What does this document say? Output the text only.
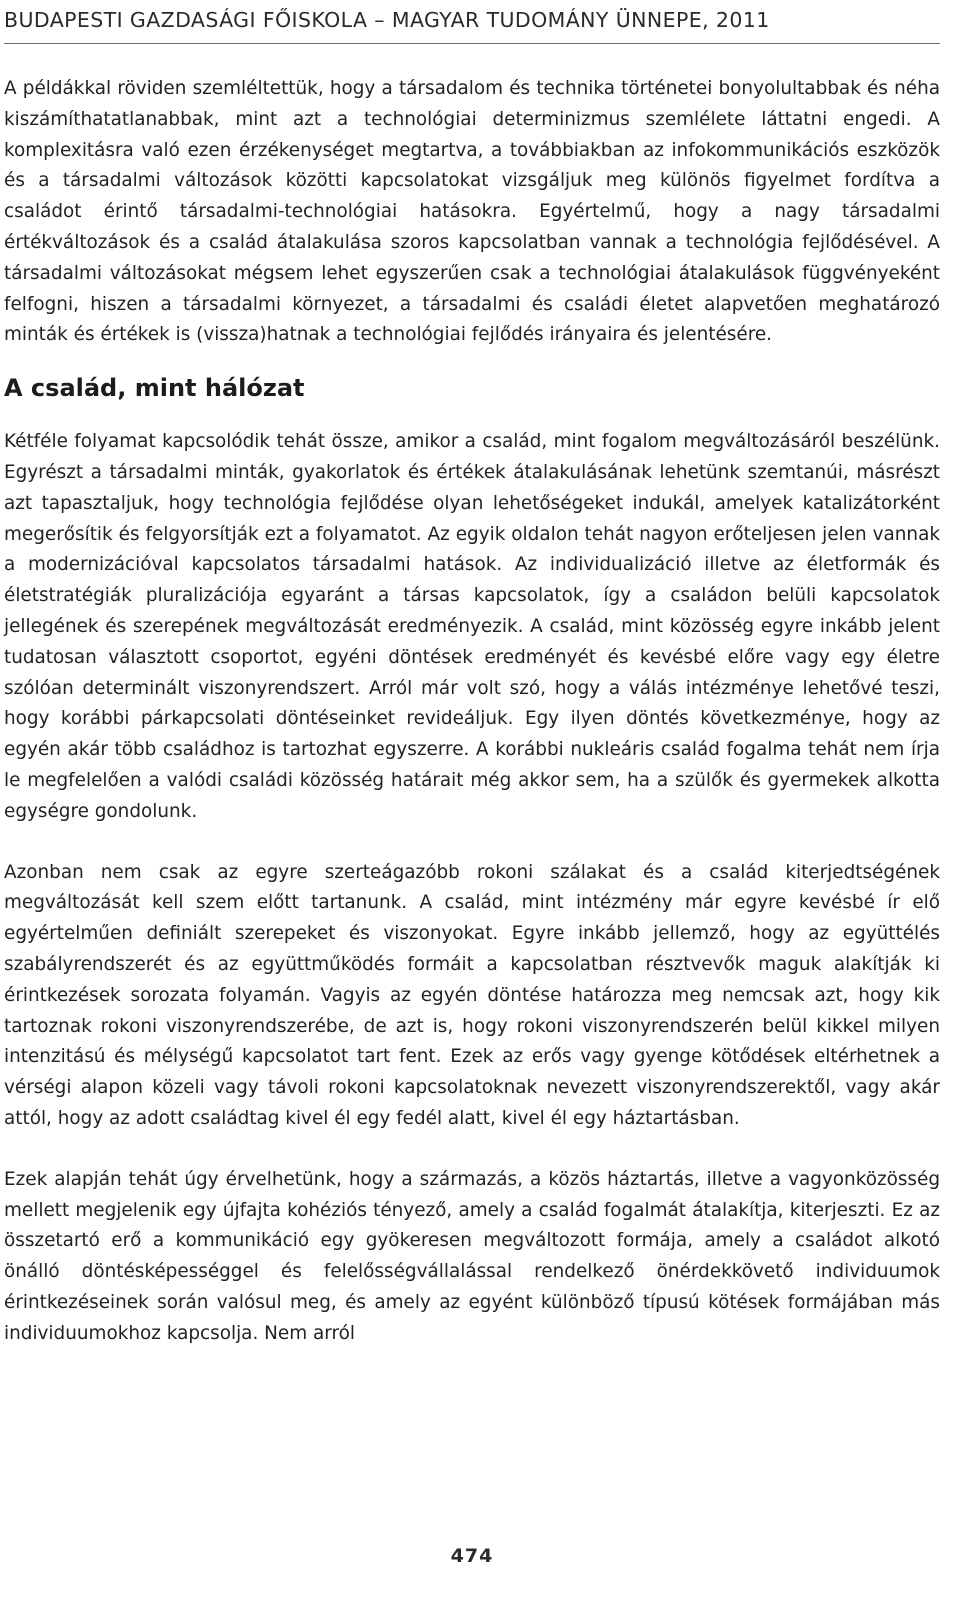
BUDAPESTI GAZDASÁGI FŐISKOLA – MAGYAR TUDOMÁNY ÜNNEPE, 2011

A példákkal röviden szemléltettük, hogy a társadalom és technika történetei bonyolultabbak és néha kiszámíthatatlanabbak, mint azt a technológiai determinizmus szemlélete láttatni engedi. A komplexitásra való ezen érzékenységet megtartva, a továbbiakban az infokommunikációs eszközök és a társadalmi változások közötti kapcsolatokat vizsgáljuk meg különös figyelmet fordítva a családot érintő társadalmi-technológiai hatásokra. Egyértelmű, hogy a nagy társadalmi értékváltozások és a család átalakulása szoros kapcsolatban vannak a technológia fejlődésével. A társadalmi változásokat mégsem lehet egyszerűen csak a technológiai átalakulások függvényeként felfogni, hiszen a társadalmi környezet, a társadalmi és családi életet alapvetően meghatározó minták és értékek is (vissza)hatnak a technológiai fejlődés irányaira és jelentésére.

A család, mint hálózat

Kétféle folyamat kapcsolódik tehát össze, amikor a család, mint fogalom megváltozásáról beszélünk. Egyrészt a társadalmi minták, gyakorlatok és értékek átalakulásának lehetünk szemtanúi, másrészt azt tapasztaljuk, hogy technológia fejlődése olyan lehetőségeket indukál, amelyek katalizátorként megerősítik és felgyorsítják ezt a folyamatot. Az egyik oldalon tehát nagyon erőteljesen jelen vannak a modernizációval kapcsolatos társadalmi hatások. Az individualizáció illetve az életformák és életstratégiák pluralizációja egyaránt a társas kapcsolatok, így a családon belüli kapcsolatok jellegének és szerepének megváltozását eredményezik. A család, mint közösség egyre inkább jelent tudatosan választott csoportot, egyéni döntések eredményét és kevésbé előre vagy egy életre szólóan determinált viszonyrendszert. Arról már volt szó, hogy a válás intézménye lehetővé teszi, hogy korábbi párkapcsolati döntéseinket revideáljuk. Egy ilyen döntés következménye, hogy az egyén akár több családhoz is tartozhat egyszerre. A korábbi nukleáris család fogalma tehát nem írja le megfelelően a valódi családi közösség határait még akkor sem, ha a szülők és gyermekek alkotta egységre gondolunk.

Azonban nem csak az egyre szerteágazóbb rokoni szálakat és a család kiterjedtségének megváltozását kell szem előtt tartanunk. A család, mint intézmény már egyre kevésbé ír elő egyértelműen definiált szerepeket és viszonyokat. Egyre inkább jellemző, hogy az együttélés szabályrendszerét és az együttműködés formáit a kapcsolatban résztvevők maguk alakítják ki érintkezések sorozata folyamán. Vagyis az egyén döntése határozza meg nemcsak azt, hogy kik tartoznak rokoni viszonyrendszerébe, de azt is, hogy rokoni viszonyrendszerén belül kikkel milyen intenzitású és mélységű kapcsolatot tart fent. Ezek az erős vagy gyenge kötődések eltérhetnek a vérségi alapon közeli vagy távoli rokoni kapcsolatoknak nevezett viszonyrendszerektől, vagy akár attól, hogy az adott családtag kivel él egy fedél alatt, kivel él egy háztartásban.

Ezek alapján tehát úgy érvelhetünk, hogy a származás, a közös háztartás, illetve a vagyonközösség mellett megjelenik egy újfajta kohéziós tényező, amely a család fogalmát átalakítja, kiterjeszti. Ez az összetartó erő a kommunikáció egy gyökeresen megváltozott formája, amely a családot alkotó önálló döntésképességgel és felelősségvállalással rendelkező önérdekkövető individuumok érintkezéseinek során valósul meg, és amely az egyént különböző típusú kötések formájában más individuumokhoz kapcsolja. Nem arról

474
